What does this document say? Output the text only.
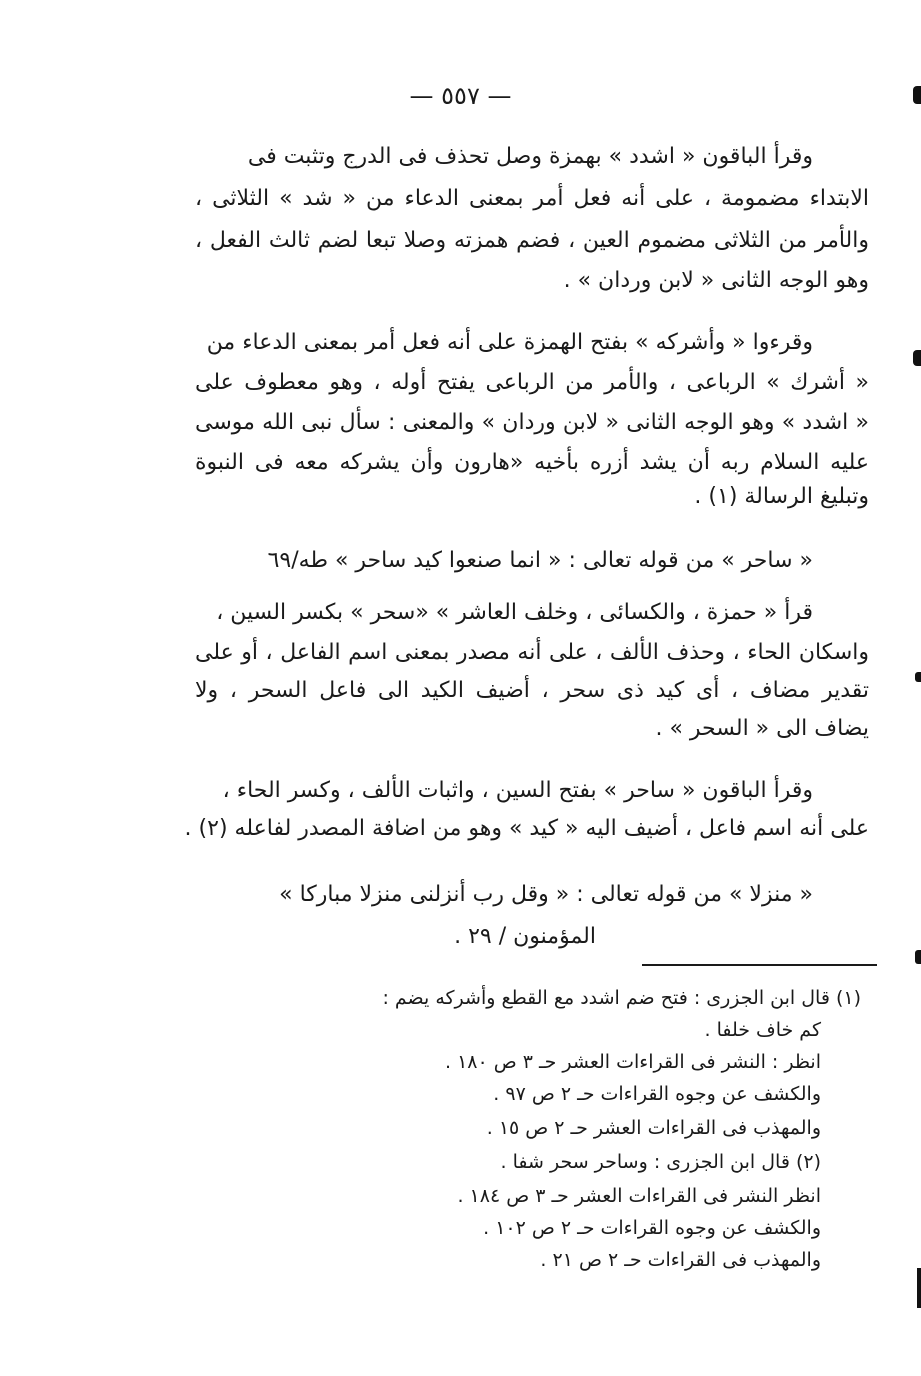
— ٥٥٧ —
وقرأ الباقون « اشدد » بهمزة وصل تحذف فى الدرج وتثبت فى
الابتداء مضمومة ، على أنه فعل أمر بمعنى الدعاء من « شد » الثلاثى ،
والأمر من الثلاثى مضموم العين ، فضم همزته وصلا تبعا لضم ثالث الفعل ،
وهو الوجه الثانى « لابن وردان » .
وقرءوا « وأشركه » بفتح الهمزة على أنه فعل أمر بمعنى الدعاء من
« أشرك » الرباعى ، والأمر من الرباعى يفتح أوله ، وهو معطوف على
« اشدد » وهو الوجه الثانى « لابن وردان » والمعنى : سأل نبى الله موسى
عليه السلام ربه أن يشد أزره بأخيه «هارون وأن يشركه معه فى النبوة
وتبليغ الرسالة (١) .
« ساحر » من قوله تعالى : « انما صنعوا كيد ساحر » طه/٦٩
قرأ « حمزة ، والكسائى ، وخلف العاشر » «سحر » بكسر السين ،
واسكان الحاء ، وحذف الألف ، على أنه مصدر بمعنى اسم الفاعل ، أو على
تقدير مضاف ، أى كيد ذى سحر ، أضيف الكيد الى فاعل السحر ، ولا
يضاف الى « السحر » .
وقرأ الباقون « ساحر » بفتح السين ، واثبات الألف ، وكسر الحاء ،
على أنه اسم فاعل ، أضيف اليه « كيد » وهو من اضافة المصدر لفاعله (٢) .
« منزلا » من قوله تعالى : « وقل رب أنزلنى منزلا مباركا »
المؤمنون / ٢٩ .
(١) قال ابن الجزرى : فتح ضم اشدد مع القطع وأشركه يضم :
كم خاف خلفا .
انظر : النشر فى القراءات العشر حـ ٣ ص ١٨٠ .
والكشف عن وجوه القراءات حـ ٢ ص ٩٧ .
والمهذب فى القراءات العشر حـ ٢ ص ١٥ .
(٢) قال ابن الجزرى : وساحر سحر شفا .
انظر النشر فى القراءات العشر حـ ٣ ص ١٨٤ .
والكشف عن وجوه القراءات حـ ٢ ص ١٠٢ .
والمهذب فى القراءات حـ ٢ ص ٢١ .
